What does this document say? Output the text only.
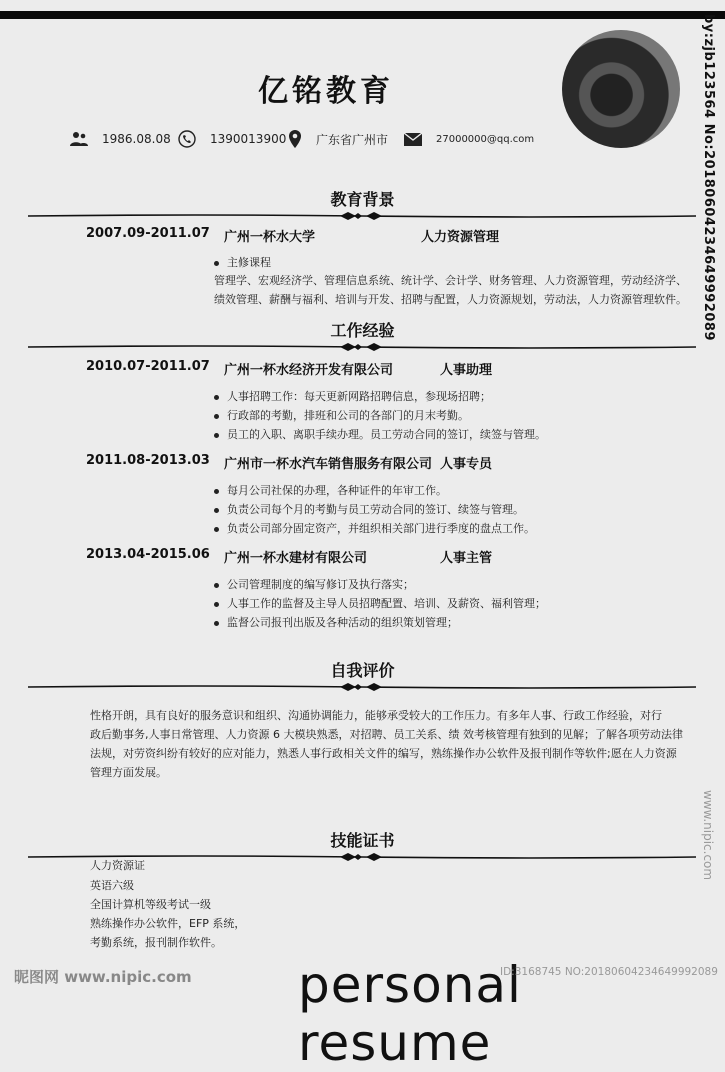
亿铭教育
1986.08.08	1390013900 广东省广州市	27000000@qq.com
教育背景
2007.09-2011.07 广州一杯水大学	人力资源管理
主修课程
管理学、宏观经济学、管理信息系统、统计学、会计学、财务管理、人力资源管理，劳动经济学、
绩效管理、薪酬与福利、培训与开发、招聘与配置，人力资源规划，劳动法，人力资源管理软件。
工作经验
2010.07-2011.07 广州一杯水经济开发有限公司	人事助理
人事招聘工作：每天更新网路招聘信息，参现场招聘；
行政部的考勤，排班和公司的各部门的月末考勤。
员工的入职、离职手续办理。员工劳动合同的签订，续签与管理。
2011.08-2013.03 广州市一杯水汽车销售服务有限公司 人事专员
每月公司社保的办理，各种证件的年审工作。
负责公司每个月的考勤与员工劳动合同的签订、续签与管理。
负责公司部分固定资产，并组织相关部门进行季度的盘点工作。
2013.04-2015.06 广州一杯水建材有限公司	人事主管
公司管理制度的编写修订及执行落实；
人事工作的监督及主导人员招聘配置、培训、及薪资、福利管理；
监督公司报刊出版及各种活动的组织策划管理；
自我评价
性格开朗，具有良好的服务意识和组织、沟通协调能力，能够承受较大的工作压力。有多年人事、行政工作经验，对行
政后勤事务,人事日常管理、人力资源 6 大模块熟悉，对招聘、员工关系、绩 效考核管理有独到的见解；了解各项劳动法律
法规，对劳资纠纷有较好的应对能力，熟悉人事行政相关文件的编写，熟练操作办公软件及报刊制作等软件;愿在人力资源
管理方面发展。
技能证书
人力资源证
英语六级
全国计算机等级考试一级
熟练操作办公软件，EFP 系统，
考勤系统，报刊制作软件。
by:zjb123564 No:20180604234649992089
www.nipic.com
personal resume
昵图网 www.nipic.com	ID:3168745 NO:20180604234649992089
